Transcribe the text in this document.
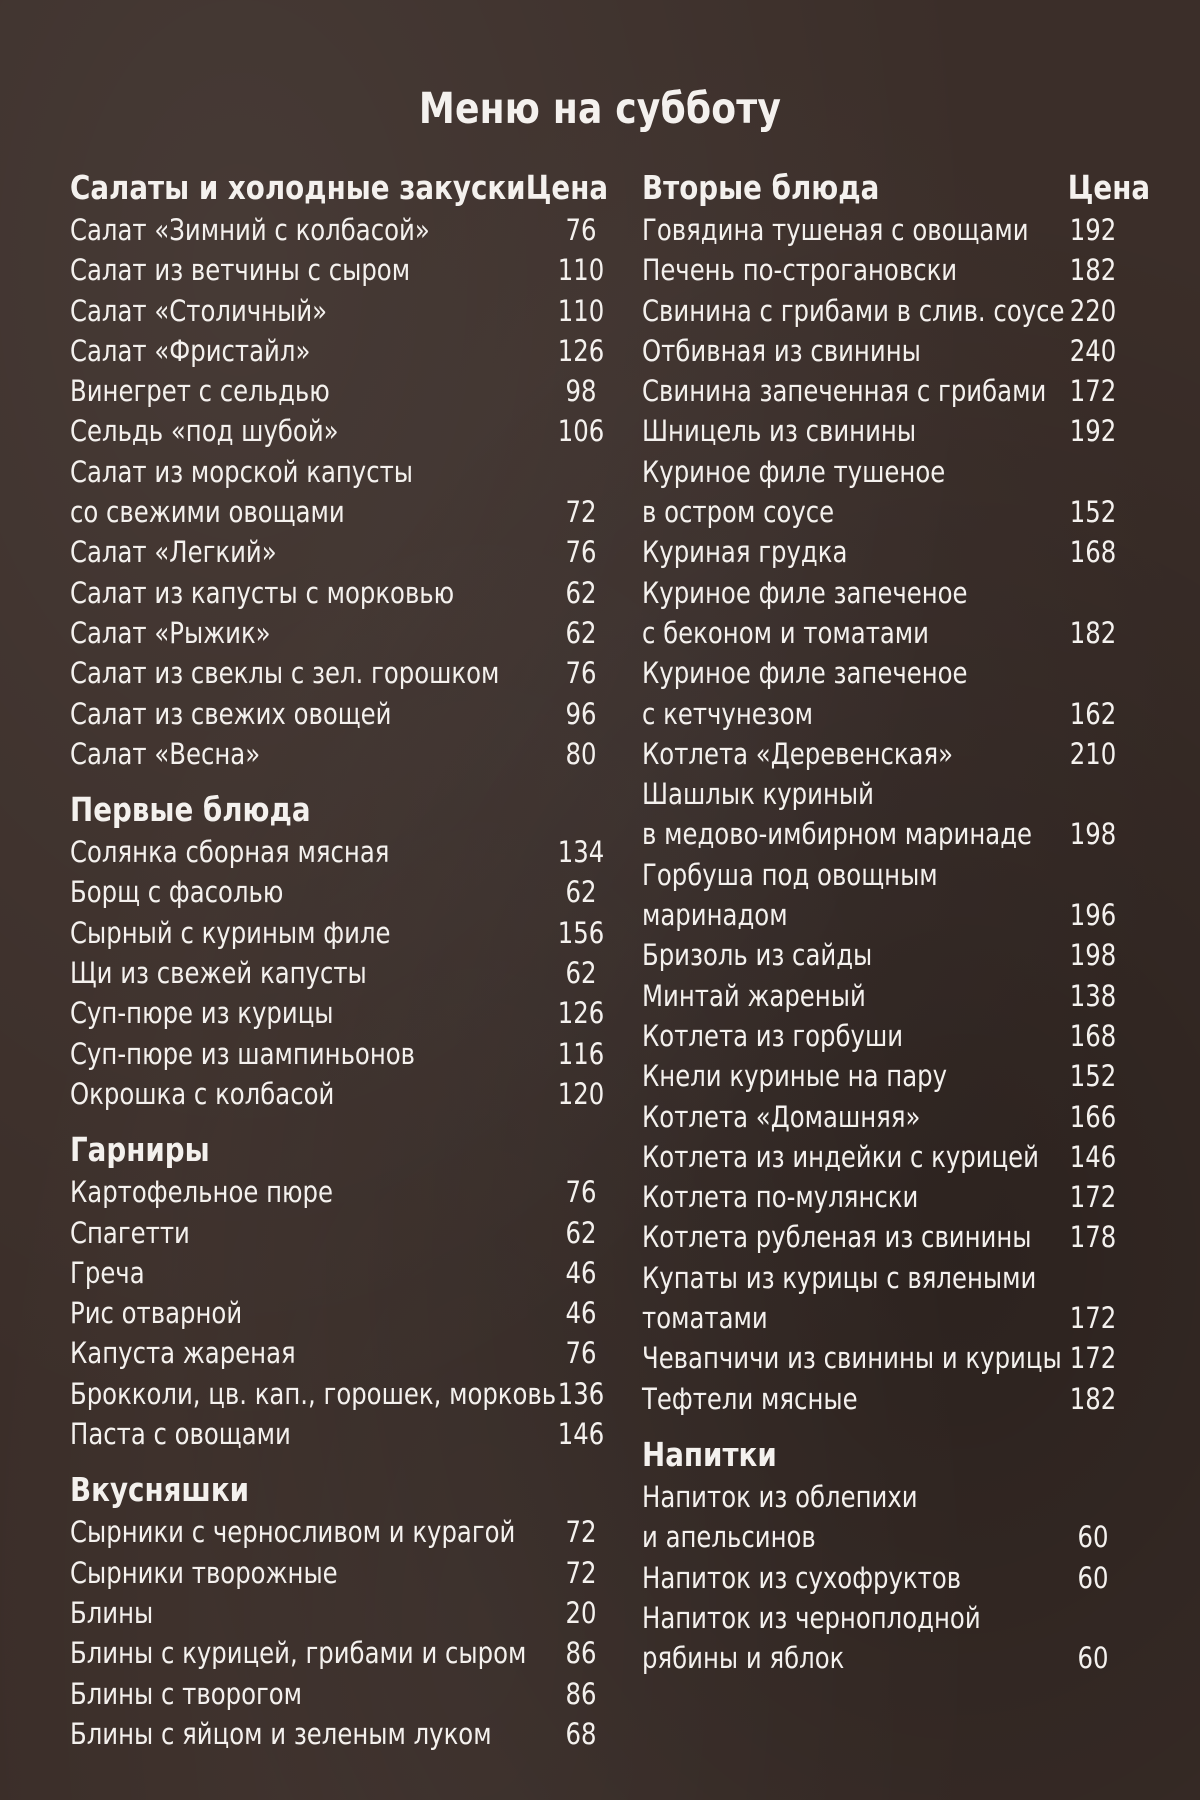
Меню на субботу
Салаты и холодные закуски Цена
Салат «Зимний с колбасой»	76
Салат из ветчины с сыром	110
Салат «Столичный»	110
Салат «Фристайл»	126
Винегрет с сельдью	98
Сельдь «под шубой»	106
Салат из морской капусты
со свежими овощами	72
Салат «Легкий»	76
Салат из капусты с морковью	62
Салат «Рыжик»	62
Салат из свеклы с зел. горошком	76
Салат из свежих овощей	96
Салат «Весна»	80
Первые блюда
Солянка сборная мясная	134
Борщ с фасолью	62
Сырный с куриным филе	156
Щи из свежей капусты	62
Суп-пюре из курицы	126
Суп-пюре из шампиньонов	116
Окрошка с колбасой	120
Гарниры
Картофельное пюре	76
Спагетти	62
Греча	46
Рис отварной	46
Капуста жареная	76
Брокколи, цв. кап., горошек, морковь 136
Паста с овощами	146
Вкусняшки
Сырники с черносливом и курагой	72
Сырники творожные	72
Блины	20
Блины с курицей, грибами и сыром	86
Блины с творогом	86
Блины с яйцом и зеленым луком	68
Вторые блюда	Цена
Говядина тушеная с овощами 192
Печень по-строгановски	182
Свинина с грибами в слив. соусе 220
Отбивная из свинины	240
Свинина запеченная с грибами 172
Шницель из свинины	192
Куриное филе тушеное
в остром соусе	152
Куриная грудка	168
Куриное филе запеченое
с беконом и томатами	182
Куриное филе запеченое
с кетчунезом	162
Котлета «Деревенская»	210
Шашлык куриный
в медово-имбирном маринаде 198
Горбуша под овощным
маринадом	196
Бризоль из сайды	198
Минтай жареный	138
Котлета из горбуши	168
Кнели куриные на пару	152
Котлета «Домашняя»	166
Котлета из индейки с курицей 146
Котлета по-мулянски	172
Котлета рубленая из свинины 178
Купаты из курицы с вялеными
томатами	172
Чевапчичи из свинины и курицы 172
Тефтели мясные	182
Напитки
Напиток из облепихи
и апельсинов	60
Напиток из сухофруктов	60
Напиток из черноплодной
рябины и яблок	60
